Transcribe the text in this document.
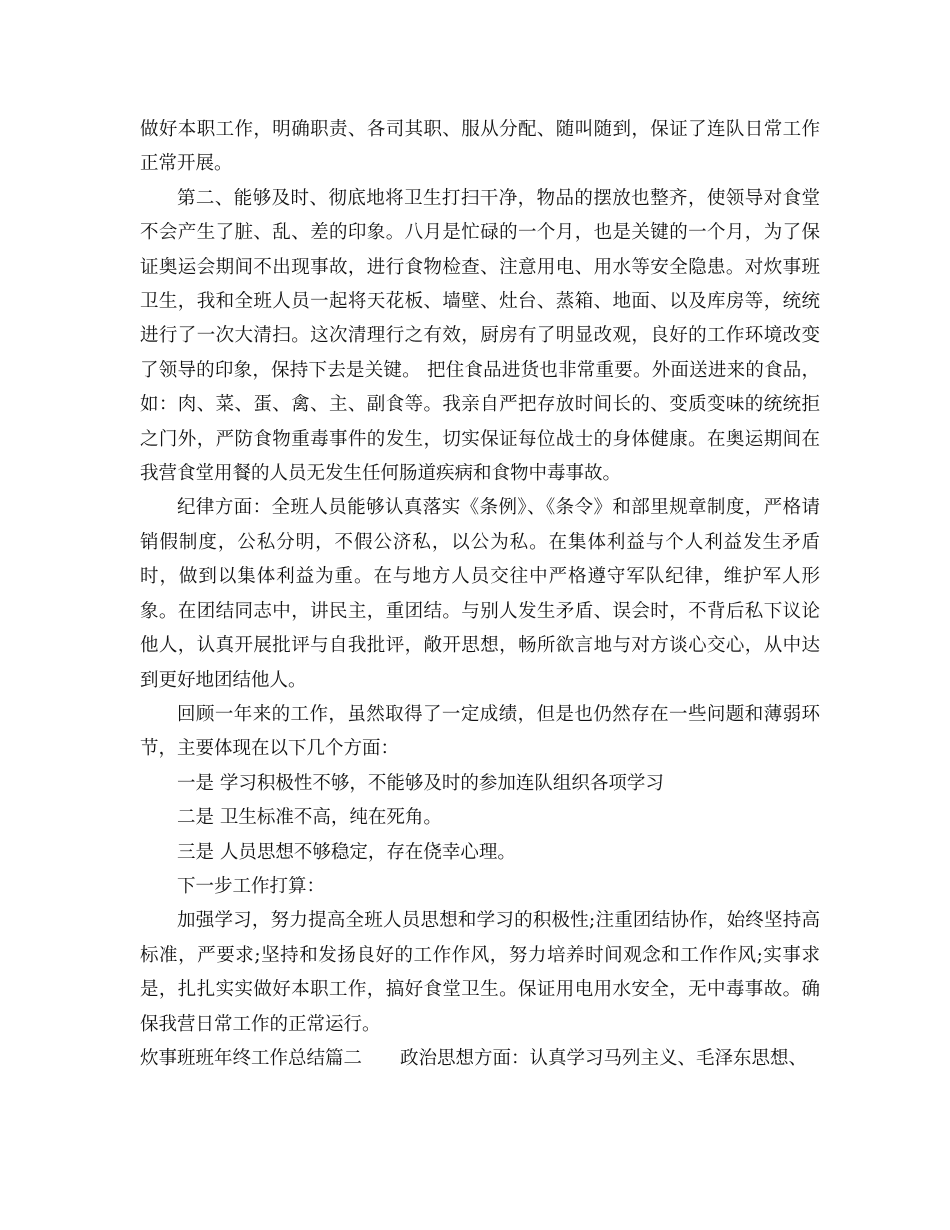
做好本职工作，明确职责、各司其职、服从分配、随叫随到，保证了连队日常工作正常开展。

第二、能够及时、彻底地将卫生打扫干净，物品的摆放也整齐，使领导对食堂不会产生了脏、乱、差的印象。八月是忙碌的一个月，也是关键的一个月，为了保证奥运会期间不出现事故，进行食物检查、注意用电、用水等安全隐患。对炊事班卫生，我和全班人员一起将天花板、墙壁、灶台、蒸箱、地面、以及库房等，统统进行了一次大清扫。这次清理行之有效，厨房有了明显改观，良好的工作环境改变了领导的印象，保持下去是关键。 把住食品进货也非常重要。外面送进来的食品，如：肉、菜、蛋、禽、主、副食等。我亲自严把存放时间长的、变质变味的统统拒之门外，严防食物重毒事件的发生，切实保证每位战士的身体健康。在奥运期间在我营食堂用餐的人员无发生任何肠道疾病和食物中毒事故。

纪律方面：全班人员能够认真落实《条例》、《条令》和部里规章制度，严格请销假制度，公私分明，不假公济私，以公为私。在集体利益与个人利益发生矛盾时，做到以集体利益为重。在与地方人员交往中严格遵守军队纪律，维护军人形象。在团结同志中，讲民主，重团结。与别人发生矛盾、误会时，不背后私下议论他人，认真开展批评与自我批评，敞开思想，畅所欲言地与对方谈心交心，从中达到更好地团结他人。

回顾一年来的工作，虽然取得了一定成绩，但是也仍然存在一些问题和薄弱环节，主要体现在以下几个方面：

一是 学习积极性不够，不能够及时的参加连队组织各项学习

二是 卫生标准不高，纯在死角。

三是 人员思想不够稳定，存在侥幸心理。

下一步工作打算：

加强学习，努力提高全班人员思想和学习的积极性;注重团结协作，始终坚持高标准，严要求;坚持和发扬良好的工作作风，努力培养时间观念和工作作风;实事求是，扎扎实实做好本职工作，搞好食堂卫生。保证用电用水安全，无中毒事故。确保我营日常工作的正常运行。

炊事班班年终工作总结篇二 政治思想方面：认真学习马列主义、毛泽东思想、
